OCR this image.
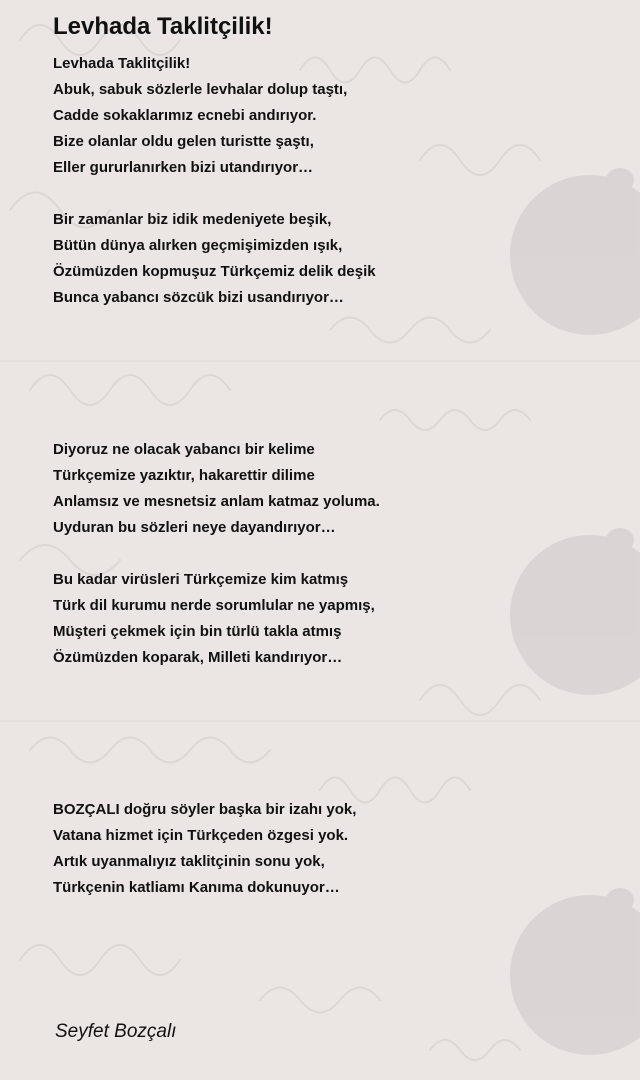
Levhada Taklitçilik!
Levhada Taklitçilik!
Abuk, sabuk sözlerle levhalar dolup taştı,
Cadde sokaklarımız ecnebi andırıyor.
Bize olanlar oldu gelen turistte şaştı,
Eller gururlanırken bizi utandırıyor…
Bir zamanlar biz idik medeniyete beşik,
Bütün dünya alırken geçmişimizden ışık,
Özümüzden kopmuşuz Türkçemiz delik deşik
Bunca yabancı sözcük bizi usandırıyor…
Diyoruz ne olacak yabancı bir kelime
Türkçemize yazıktır, hakarettir dilime
Anlamsız ve mesnetsiz anlam katmaz yoluma.
Uyduran bu sözleri neye dayandırıyor…
Bu kadar virüsleri Türkçemize kim katmış
Türk dil kurumu nerde sorumlular ne yapmış,
Müşteri çekmek için bin türlü takla atmış
Özümüzden koparak, Milleti kandırıyor…
BOZÇALI doğru söyler başka bir izahı yok,
Vatana hizmet için Türkçeden özgesi yok.
Artık uyanmalıyız taklitçinin sonu yok,
Türkçenin katliamı Kanıma dokunuyor…
Seyfet Bozçalı
